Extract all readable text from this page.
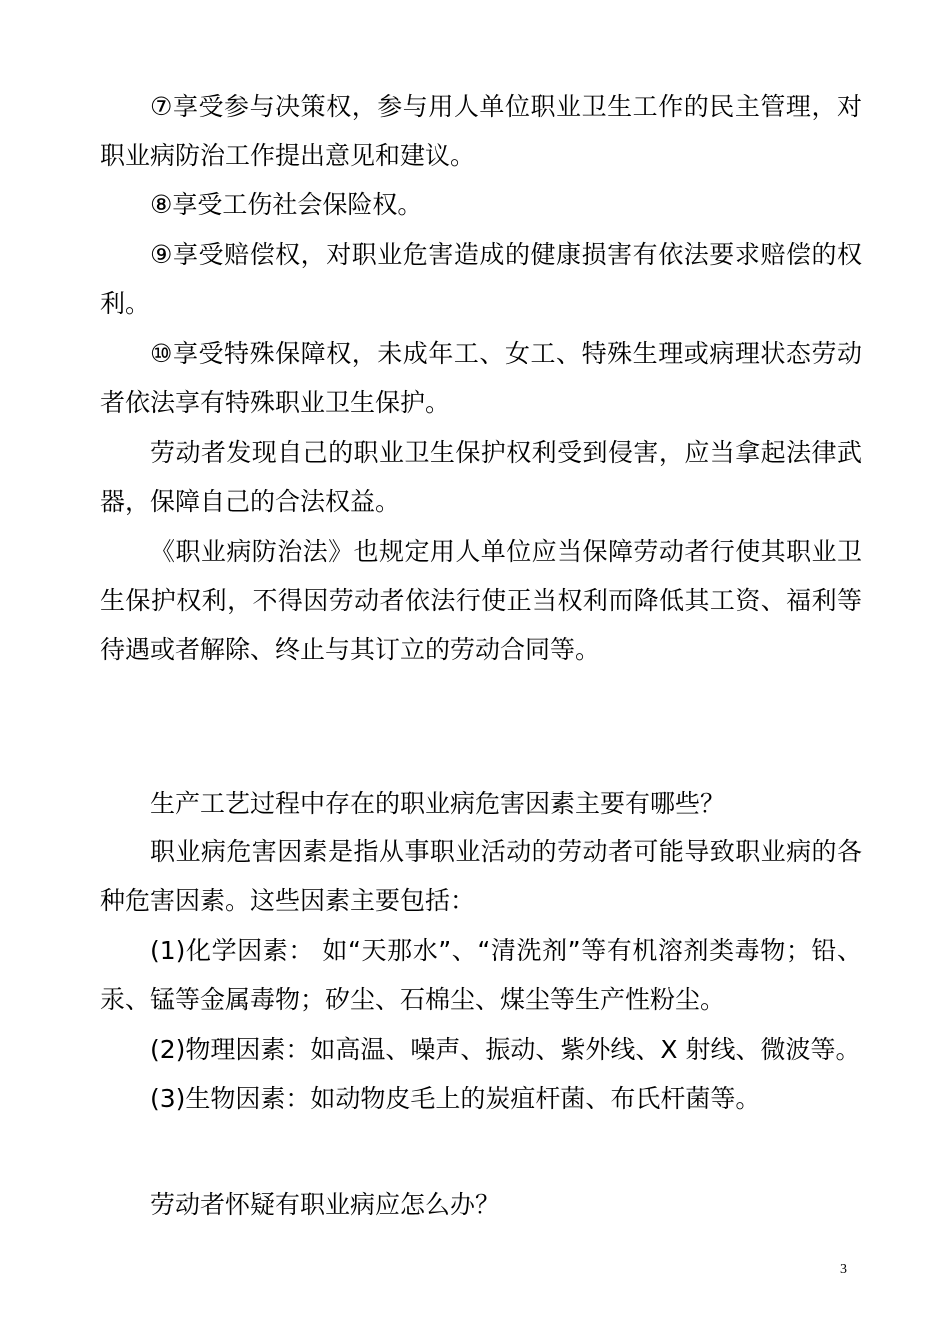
⑦享受参与决策权，参与用人单位职业卫生工作的民主管理，对职业病防治工作提出意见和建议。

⑧享受工伤社会保险权。

⑨享受赔偿权，对职业危害造成的健康损害有依法要求赔偿的权利。

⑩享受特殊保障权，未成年工、女工、特殊生理或病理状态劳动者依法享有特殊职业卫生保护。

劳动者发现自己的职业卫生保护权利受到侵害，应当拿起法律武器，保障自己的合法权益。

《职业病防治法》也规定用人单位应当保障劳动者行使其职业卫生保护权利，不得因劳动者依法行使正当权利而降低其工资、福利等待遇或者解除、终止与其订立的劳动合同等。

生产工艺过程中存在的职业病危害因素主要有哪些？

职业病危害因素是指从事职业活动的劳动者可能导致职业病的各种危害因素。这些因素主要包括：

(1)化学因素： 如“天那水”、“清洗剂”等有机溶剂类毒物；铅、汞、锰等金属毒物；矽尘、石棉尘、煤尘等生产性粉尘。

(2)物理因素：如高温、噪声、振动、紫外线、X 射线、微波等。

(3)生物因素：如动物皮毛上的炭疽杆菌、布氏杆菌等。

劳动者怀疑有职业病应怎么办？

3
